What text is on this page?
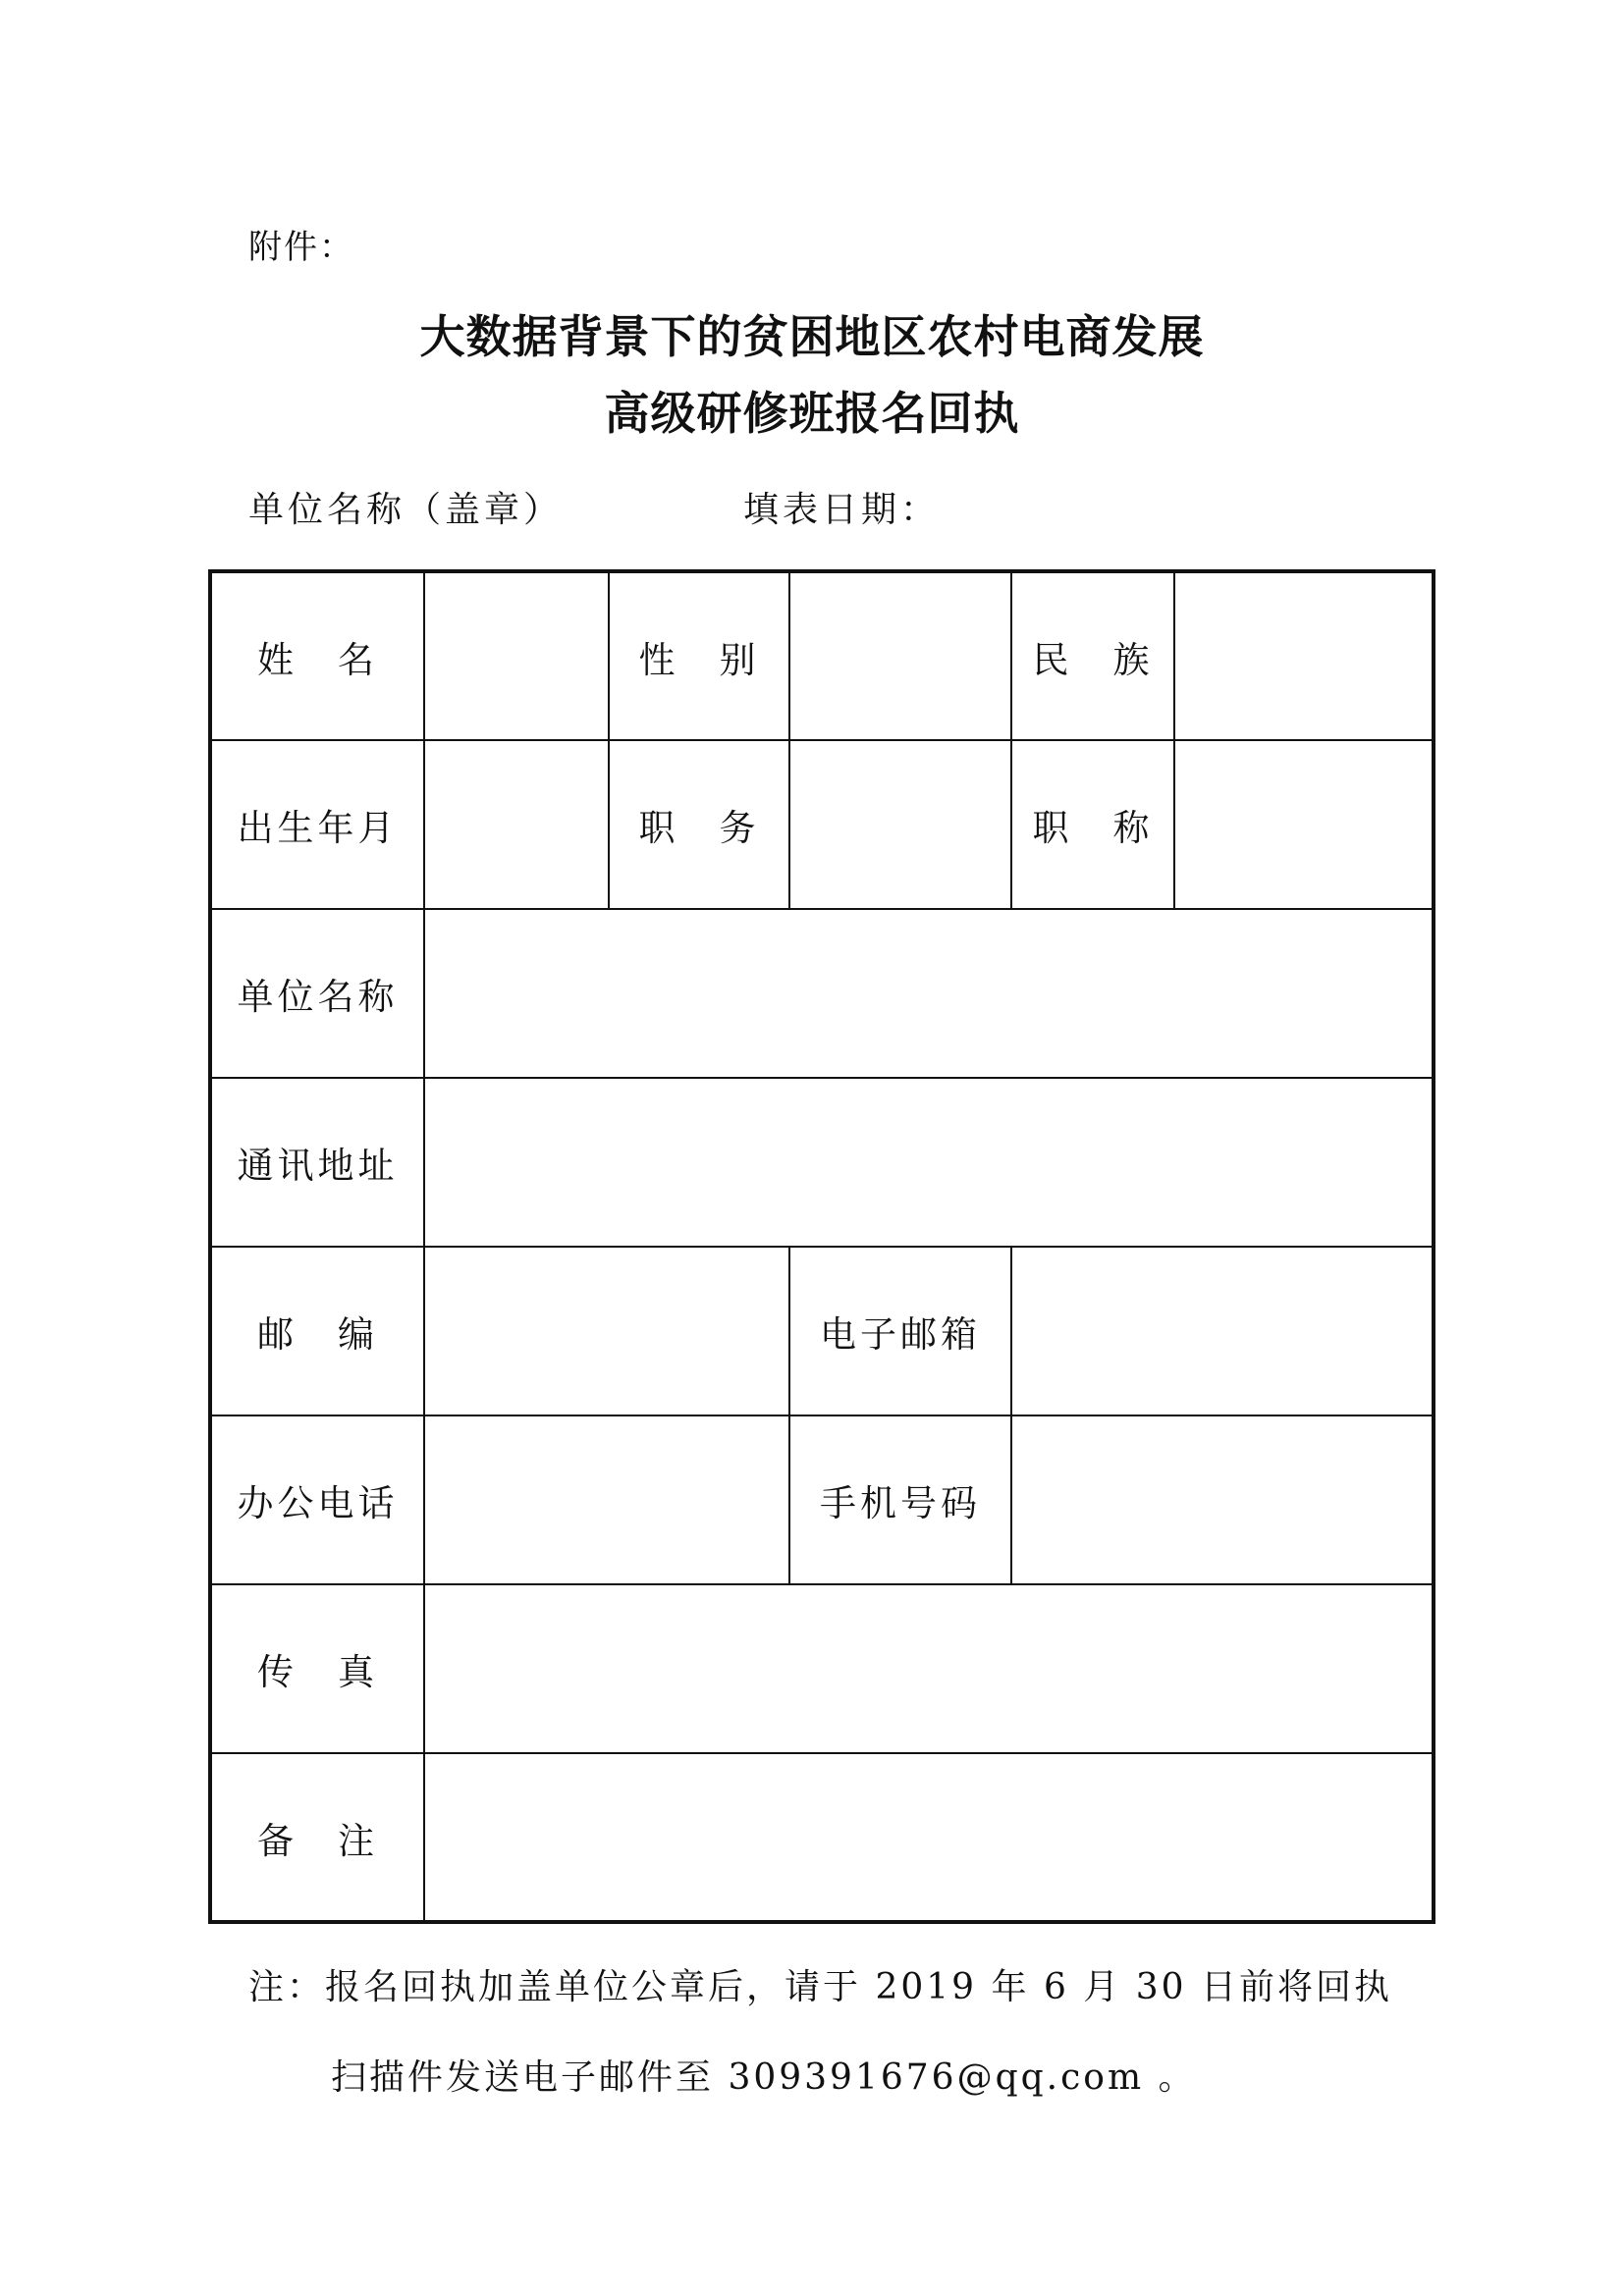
附件：
大数据背景下的贫困地区农村电商发展
高级研修班报名回执
单位名称（盖章）	填表日期：
姓　名		性　别		民　族	
出生年月		职　务		职　称	
单位名称					
通讯地址					
邮　编			电子邮箱		
办公电话			手机号码		
传　真					
备　注					
注：报名回执加盖单位公章后，请于 2019 年 6 月 30 日前将回执
扫描件发送电子邮件至 309391676@qq.com 。
